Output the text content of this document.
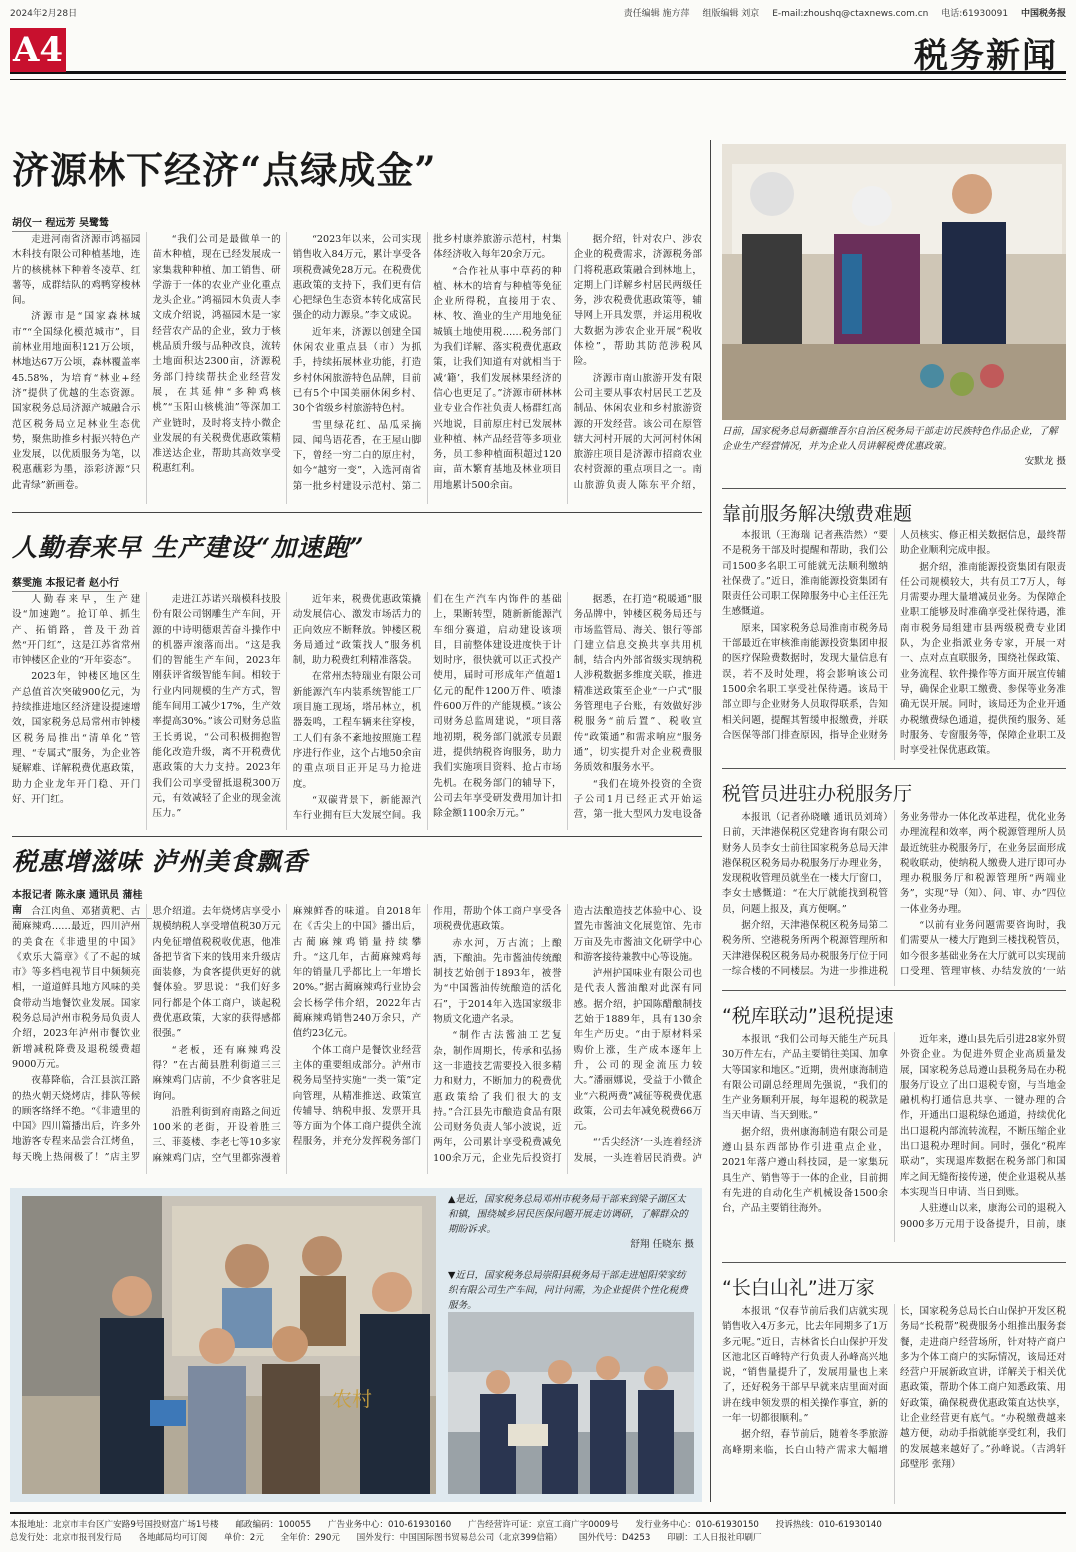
2024年2月28日	责任编辑 施方萍 组版编辑 刘京 E-mail:zhoushq@ctaxnews.com.cn 电话:61930091 中国税务报
A4	税务新闻
济源林下经济“点绿成金”
胡仪一 程远芳 吴鹭鸶

走进河南省济源市鸿福园木科技有限公司种植基地，连片的核桃林下种着冬凌草、红薯等，成群结队的鸡鸭穿梭林间。

济源市是“国家森林城市”“全国绿化模范城市”，目前林业用地面积121万公顷，林地达67万公顷，森林覆盖率45.58%，为培育“林业+经济”提供了优越的生态资源。国家税务总局济源产城融合示范区税务局立足林业生态优势，聚焦助推乡村振兴特色产业发展，以优质服务为笔，以税惠蘸彩为墨，添彩济源“只此青绿”新画卷。

“我们公司是最做单一的苗木种植，现在已经发展成一家集栽种种植、加工销售、研学游于一体的农业产业化重点龙头企业。”鸿福园木负责人李文成介绍说，鸿福园木是一家经营农产品的企业，致力于核桃品质升级与品种改良，流转土地面积达2300亩，济源税务部门持续帮扶企业经营发展，在其延伸“多种鸡核桃”“玉阳山核桃油”等深加工产业链时，及时将支持小微企业发展的有关税费优惠政策精准送达企业，帮助其高效享受税惠红利。

“2023年以来，公司实现销售收入84万元，累计享受各项税费减免28万元。在税费优惠政策的支持下，我们更有信心把绿色生态资本转化成富民强企的动力源泉。”李文成说。

近年来，济源以创建全国休闲农业重点县（市）为抓手，持续拓展林业功能，打造乡村休闲旅游特色品牌，目前已有5个中国美丽休闲乡村、30个省级乡村旅游特色村。

雪里绿花红、品瓜采摘园、闻鸟语花香，在王屋山脚下，曾经一穷二白的原庄村，如今“越穷一变”，入选河南省第一批乡村建设示范村、第二批乡村康养旅游示范村，村集体经济收入每年20余万元。

“合作社从事中草药的种植、林木的培育与种植等免征企业所得税，直接用于农、林、牧、渔业的生产用地免征城镇土地使用税……税务部门为我们详解、落实税费优惠政策，让我们知道有对就相当于减‘籍’，我们发展林果经济的信心也更足了。”济源市研林林业专业合作社负责人杨群红高兴地说，目前原庄村已发展林业种植、林产品经营等多项业务，员工参种植面积超过120亩，苗木繁育基地及林业项目用地累计500余亩。

据介绍，针对农户、涉农企业的税费需求，济源税务部门将税惠政策融合到林地上，定期上门详解乡村居民两级任务，涉农税费优惠政策等，辅导网上开具发票，并运用税收大数据为涉农企业开展“税收体检”，帮助其防范涉税风险。

济源市南山旅游开发有限公司主要从事农村居民工艺及制品、休闲农业和乡村旅游资源的开发经营。该公司在原管辖大河村开展的大河河村休闲旅游庄项目是济源市招商农业农村资源的重点项目之一。南山旅游负责人陈东平介绍，

人勤春来早 生产建设“加速跑”
蔡雯施 本报记者 赵小行

人勤春来早，生产建设“加速跑”。抢订单、抓生产、拓销路，普及干劲首然“开门红”，这是江苏省常州市钟楼区企业的“开年姿态”。

2023年，钟楼区地区生产总值首次突破900亿元，为持续推进地区经济建设提速增效，国家税务总局常州市钟楼区税务局推出“清单化”管理、“专属式”服务，为企业答疑解难、详解税费优惠政策，助力企业龙年开门稳、开门好、开门红。

走进江苏诺兴瑞模科技股份有限公司钢雕生产车间，开源的中诗明德艰苦奋斗操作中的机器声滚落而出。“这是我们的智能生产车间，2023年刚获评省级智能车间。相较于行业内同规模的生产方式，智能车间用工减少17%，生产效率提高30%。”该公司财务总监王长勇说，“公司积极拥抱智能化改造升级，离不开税费优惠政策的大力支持。2023年我们公司享受留抵退税300万元，有效减轻了企业的现金流压力。”

近年来，税费优惠政策撬动发展信心、激发市场活力的正向效应不断释放。钟楼区税务局通过“政策找人”服务机制，助力税费红利精准落袋。

在常州杰特瑞业有限公司新能源汽车内装系统智能工厂项目施工现场，塔吊林立，机器轰鸣，工程车辆来往穿梭，工人们有条不紊地按照施工程序进行作业，这个占地50余亩的重点项目正开足马力抢进度。

“双碳背景下，新能源汽车行业拥有巨大发展空间。我们在生产汽车内饰件的基础上，果断转型，随新新能源汽车细分赛道，启动建设该项目，目前整体建设进度快于计划时序，很快就可以正式投产使用，届时可形成年产值超1亿元的配件1200万件、喷漆件600万件的产能规模。”该公司财务总监周建说，“项目落地初期，税务部门就派专员跟进，提供纳税咨询服务，助力我们实施项目资料、抢占市场先机。在税务部门的辅导下，公司去年享受研发费用加计扣除金额1100余万元。”

据悉，在打造“税暖通”服务品牌中，钟楼区税务局还与市场监管局、海关、银行等部门建立信息交换共享共用机制，结合内外部省级实现纳税人涉税数据多维度关联，推进精准送政策至企业“一户式”服务管理电子台账，有效做好涉税服务“前后置”、税收宣传“政策通”和需求响应“服务通”，切实提升对企业税费服务质效和服务水平。

“我们在境外投资的全资子公司1月已经正式开始运营，第一批大型风力发电设备

税惠增滋味 泸州美食飘香
本报记者 陈永康 通讯员 蒲桂南 合江肉鱼、邓猪黄粑、古蔺麻辣鸡……最近，四川泸州的美食在《非遗里的中国》《欢乐大篇章》《了不起的城市》等多档电视节目中频频亮相，一道道鲜具地方风味的美食带动当地餐饮业发展。国家税务总局泸州市税务局负责人介绍，2023年泸州市餐饮业新增减税降费及退税缓费超9000万元。

夜幕降临，合江县滨江路的热火朝天烧烤店，排队等候的顾客络绎不绝。“《非遗里的中国》四川篇播出后，许多外地游客专程来品尝合江烤鱼，每天晚上热闹极了！”店主罗思介绍道。去年烧烤店享受小规模纳税人享受增值税30万元内免征增值税税收优惠，他准备把节省下来的钱用来升级店面装修，为食客提供更好的就餐体验。罗思说：“我们好多同行都是个体工商户，谈起税费优惠政策，大家的获得感都很强。”

“老板，还有麻辣鸡没得？”在古蔺县胜利街道三三麻辣鸡门店前，不少食客驻足询问。

沿胜利街到府南路之间近100米的老街，开设着胜三三、菲菱楼、李老七等10多家麻辣鸡门店，空气里都弥漫着麻辣鲜香的味道。自2018年在《舌尖上的中国》播出后，古蔺麻辣鸡销量持续攀升。“这几年，古蔺麻辣鸡每年的销量几乎都比上一年增长20%。”据古蔺麻辣鸡行业协会会长杨学伟介绍，2022年古蔺麻辣鸡销售240万余只，产值约23亿元。

个体工商户是餐饮业经营主体的重要组成部分。泸州市税务局坚持实施“一类一策”定向管理，从精准推送、政策宣传辅导、纳税申报、发票开具等方面为个体工商户提供全流程服务，并充分发挥税务部门作用，帮助个体工商户享受各项税费优惠政策。

赤水河，万古流；上酿酒，下酿油。先市酱油传统酿制技艺始创于1893年，被誉为“中国酱油传统酿造的活化石”，于2014年入选国家级非物质文化遗产名录。

“制作古法酱油工艺复杂，制作周期长，传承和弘扬这一非遗技艺需要投入很多精力和财力，不断加力的税费优惠政策给了我们很大的支持。”合江县先市酿造食品有限公司财务负责人邹小波说，近两年，公司累计享受税费减免100余万元，企业先后投资打造古法酿造技艺体验中心、设置先市酱油文化展览馆、先市万亩及先市酱油文化研学中心和游客接待兼教中心等设施。

泸州护国味业有限公司也是代表人酱油酿对此深有同感。据介绍，护国陈醋酿制技艺始于1889年，具有130余年生产历史。“由于原材料采购价上涨，生产成本逐年上升，公司的现金流压力较大。”潘丽娜说，受益于小微企业“六税两费”减征等税费优惠政策，公司去年减免税费66万元。

“‘舌尖经济’一头连着经济发展，一头连着居民消费。泸

农村
▲是近，国家税务总局邓州市税务局干部来到梁子湖区太和镇，围绕城乡居民医保问题开展走访调研，了解群众的期盼诉求。
舒翔 任晓东 摄
▼近日，国家税务总局崇阳县税务局干部走进旭阳荣家纺织有限公司生产车间，问计问需，为企业提供个性化税费服务。
日前，国家税务总局新疆维吾尔自治区税务局干部走访民族特色作品企业，了解企业生产经营情况，并为企业人员讲解税费优惠政策。
安默龙 摄
靠前服务解决缴费难题

本报讯（王海瑞 记者燕浩然）“要不是税务干部及时提醒和帮助，我们公司1500多名职工可能就无法顺利缴纳社保费了。”近日，淮南能源投资集团有限责任公司职工保障服务中心主任汪先生感慨道。

原来，国家税务总局淮南市税务局干部最近在审核淮南能源投资集团申报的医疗保险费数据时，发现大量信息有误，若不及时处理，将会影响该公司1500余名职工享受社保待遇。该局干部立即与企业财务人员取得联系，告知相关问题，提醒其暂缓申报缴费，并联合医保等部门排查原因，指导企业财务人员核实、修正相关数据信息，最终帮助企业顺利完成申报。

据介绍，淮南能源投资集团有限责任公司规模较大，共有员工7万人，每月需要办理大量增减员业务。为保障企业职工能够及时准确享受社保待遇，淮南市税务局组建市县两级税费专业团队，为企业指派业务专家，开展一对一、点对点直联服务，围绕社保政策、业务流程、软件操作等方面开展宣传辅导，确保企业职工缴费、参保等业务准确无误开展。同时，该局还为企业开通办税缴费绿色通道，提供预约服务、延时服务、专窗服务等，保障企业职工及时享受社保优惠政策。

税管员进驻办税服务厅

本报讯（记者孙晓曦 通讯员刘琦）日前，天津港保税区党建咨询有限公司财务人员李女士前往国家税务总局天津港保税区税务局办税服务厅办理业务，发现税收管理员就坐在一楼大厅窗口，李女士感慨道：“在大厅就能找到税管员，问题上报及，真方便啊。”

据介绍，天津港保税区税务局第二税务所、空港税务所两个税源管理所和天津港保税区税务局办税服务厅位于同一综合楼的不同楼层。为进一步推进税务业务带办一体化改革进程，优化业务办理流程和效率，两个税源管理所人员最近统驻办税服务厅，在业务层面形成税收联动，使纳税人缴费人进厅即可办理办税服务厅和税源管理所“两端业务”，实现“导（知）、问、审、办”四位一体业务办理。

“以前有业务问题需要咨询时，我们需要从一楼大厅跑到三楼找税管员，如今很多基础业务在大厅就可以实现前口受理、管理审核、办结发放的‘一站

“税库联动”退税提速

本报讯 “我们公司每天能生产玩具30万件左右，产品主要销往美国、加拿大等国家和地区。”近期，贵州康海制造有限公司副总经理周先强说，“我们的生产业务顺利开展，每年退税的税款是当天申请、当天到账。”

据介绍，贵州康海制造有限公司是遵山县东西部协作引进重点企业，2021年落户遵山科技园，是一家集玩具生产、销售等于一体的企业，目前拥有先进的自动化生产机械设备1500余台，产品主要销往海外。

近年来，遵山县先后引进28家外贸外资企业。为促进外贸企业高质量发展，国家税务总局遵山县税务局在办税服务厅设立了出口退税专窗，与当地金融机构打通信息共享、一键办理的合作，开通出口退税绿色通道，持续优化出口退税内部流转流程，不断压缩企业出口退税办理时间。同时，强化“税库联动”，实现退库数据在税务部门和国库之间无缝衔接传递，使企业退税从基本实现当日申请、当日到账。

人驻遵山以来，康海公司的退税入9000多万元用于设备提升，目前，康

“长白山礼”进万家

本报讯 “仅春节前后我们店就实现销售收入4万多元，比去年同期多了1万多元呢。”近日，吉林省长白山保护开发区池北区百峰特产行负责人孙峰高兴地说，“销售量提升了，发展用量也上来了，还好税务干部早早就来店里面对面讲在线申领发票的相关操作事宜，新的一年一切都很顺利。”

据介绍，春节前后，随着冬季旅游高峰期来临，长白山特产需求大幅增长，国家税务总局长白山保护开发区税务局“长税帮”税费服务小组推出服务套餐，走进商户经营场所，针对特产商户多为个体工商户的实际情况，该局还对经营户开展新政宣讲，详解关于相关优惠政策，帮助个体工商户知悉政策、用好政策，确保税费优惠政策直达快享，让企业经营更有底气。“办税缴费越来越方便，动动手指就能享受红利，我们的发展越来越好了。”孙峰说。（吉鸿轩 邱璧彤 张翔）

本报地址：北京市丰台区广安路9号国投财富广场1号楼 邮政编码：100055 广告业务中心：010-61930160 广告经营许可证：京宣工商广字0009号 发行业务中心：010-61930150 投诉热线：010-61930140
总发行处：北京市报刊发行局 各地邮局均可订阅 单价：2元 全年价：290元 国外发行：中国国际图书贸易总公司（北京399信箱） 国外代号：D4253 印刷：工人日报社印刷厂
